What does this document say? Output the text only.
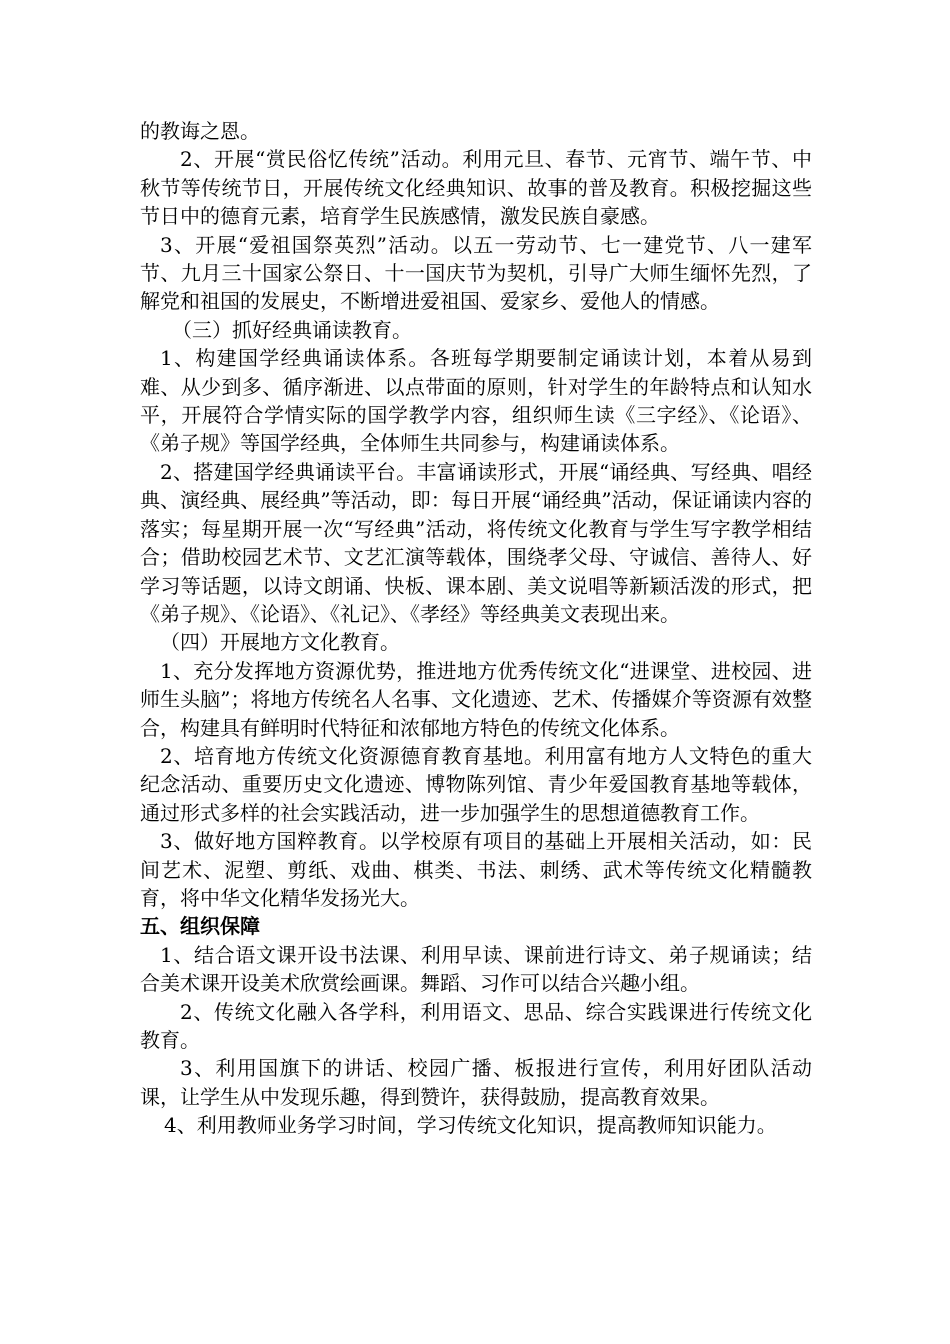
的教诲之恩。

2、开展“赏民俗忆传统”活动。利用元旦、春节、元宵节、端午节、中秋节等传统节日，开展传统文化经典知识、故事的普及教育。积极挖掘这些节日中的德育元素，培育学生民族感情，激发民族自豪感。

3、开展“爱祖国祭英烈”活动。以五一劳动节、七一建党节、八一建军节、九月三十国家公祭日、十一国庆节为契机，引导广大师生缅怀先烈，了解党和祖国的发展史，不断增进爱祖国、爱家乡、爱他人的情感。

（三）抓好经典诵读教育。

1、构建国学经典诵读体系。各班每学期要制定诵读计划，本着从易到难、从少到多、循序渐进、以点带面的原则，针对学生的年龄特点和认知水平，开展符合学情实际的国学教学内容，组织师生读《三字经》、《论语》、《弟子规》等国学经典，全体师生共同参与，构建诵读体系。

2、搭建国学经典诵读平台。丰富诵读形式，开展“诵经典、写经典、唱经典、演经典、展经典”等活动，即：每日开展“诵经典”活动，保证诵读内容的落实；每星期开展一次“写经典”活动，将传统文化教育与学生写字教学相结合；借助校园艺术节、文艺汇演等载体，围绕孝父母、守诚信、善待人、好学习等话题，以诗文朗诵、快板、课本剧、美文说唱等新颖活泼的形式，把《弟子规》、《论语》、《礼记》、《孝经》等经典美文表现出来。

（四）开展地方文化教育。

1、充分发挥地方资源优势，推进地方优秀传统文化“进课堂、进校园、进师生头脑”；将地方传统名人名事、文化遗迹、艺术、传播媒介等资源有效整合，构建具有鲜明时代特征和浓郁地方特色的传统文化体系。

2、培育地方传统文化资源德育教育基地。利用富有地方人文特色的重大纪念活动、重要历史文化遗迹、博物陈列馆、青少年爱国教育基地等载体，通过形式多样的社会实践活动，进一步加强学生的思想道德教育工作。

3、做好地方国粹教育。以学校原有项目的基础上开展相关活动，如：民间艺术、泥塑、剪纸、戏曲、棋类、书法、刺绣、武术等传统文化精髓教育，将中华文化精华发扬光大。

五、组织保障

1、结合语文课开设书法课、利用早读、课前进行诗文、弟子规诵读；结合美术课开设美术欣赏绘画课。舞蹈、习作可以结合兴趣小组。

2、传统文化融入各学科，利用语文、思品、综合实践课进行传统文化教育。

3、利用国旗下的讲话、校园广播、板报进行宣传，利用好团队活动课，让学生从中发现乐趣，得到赞许，获得鼓励，提高教育效果。

4、利用教师业务学习时间，学习传统文化知识，提高教师知识能力。
